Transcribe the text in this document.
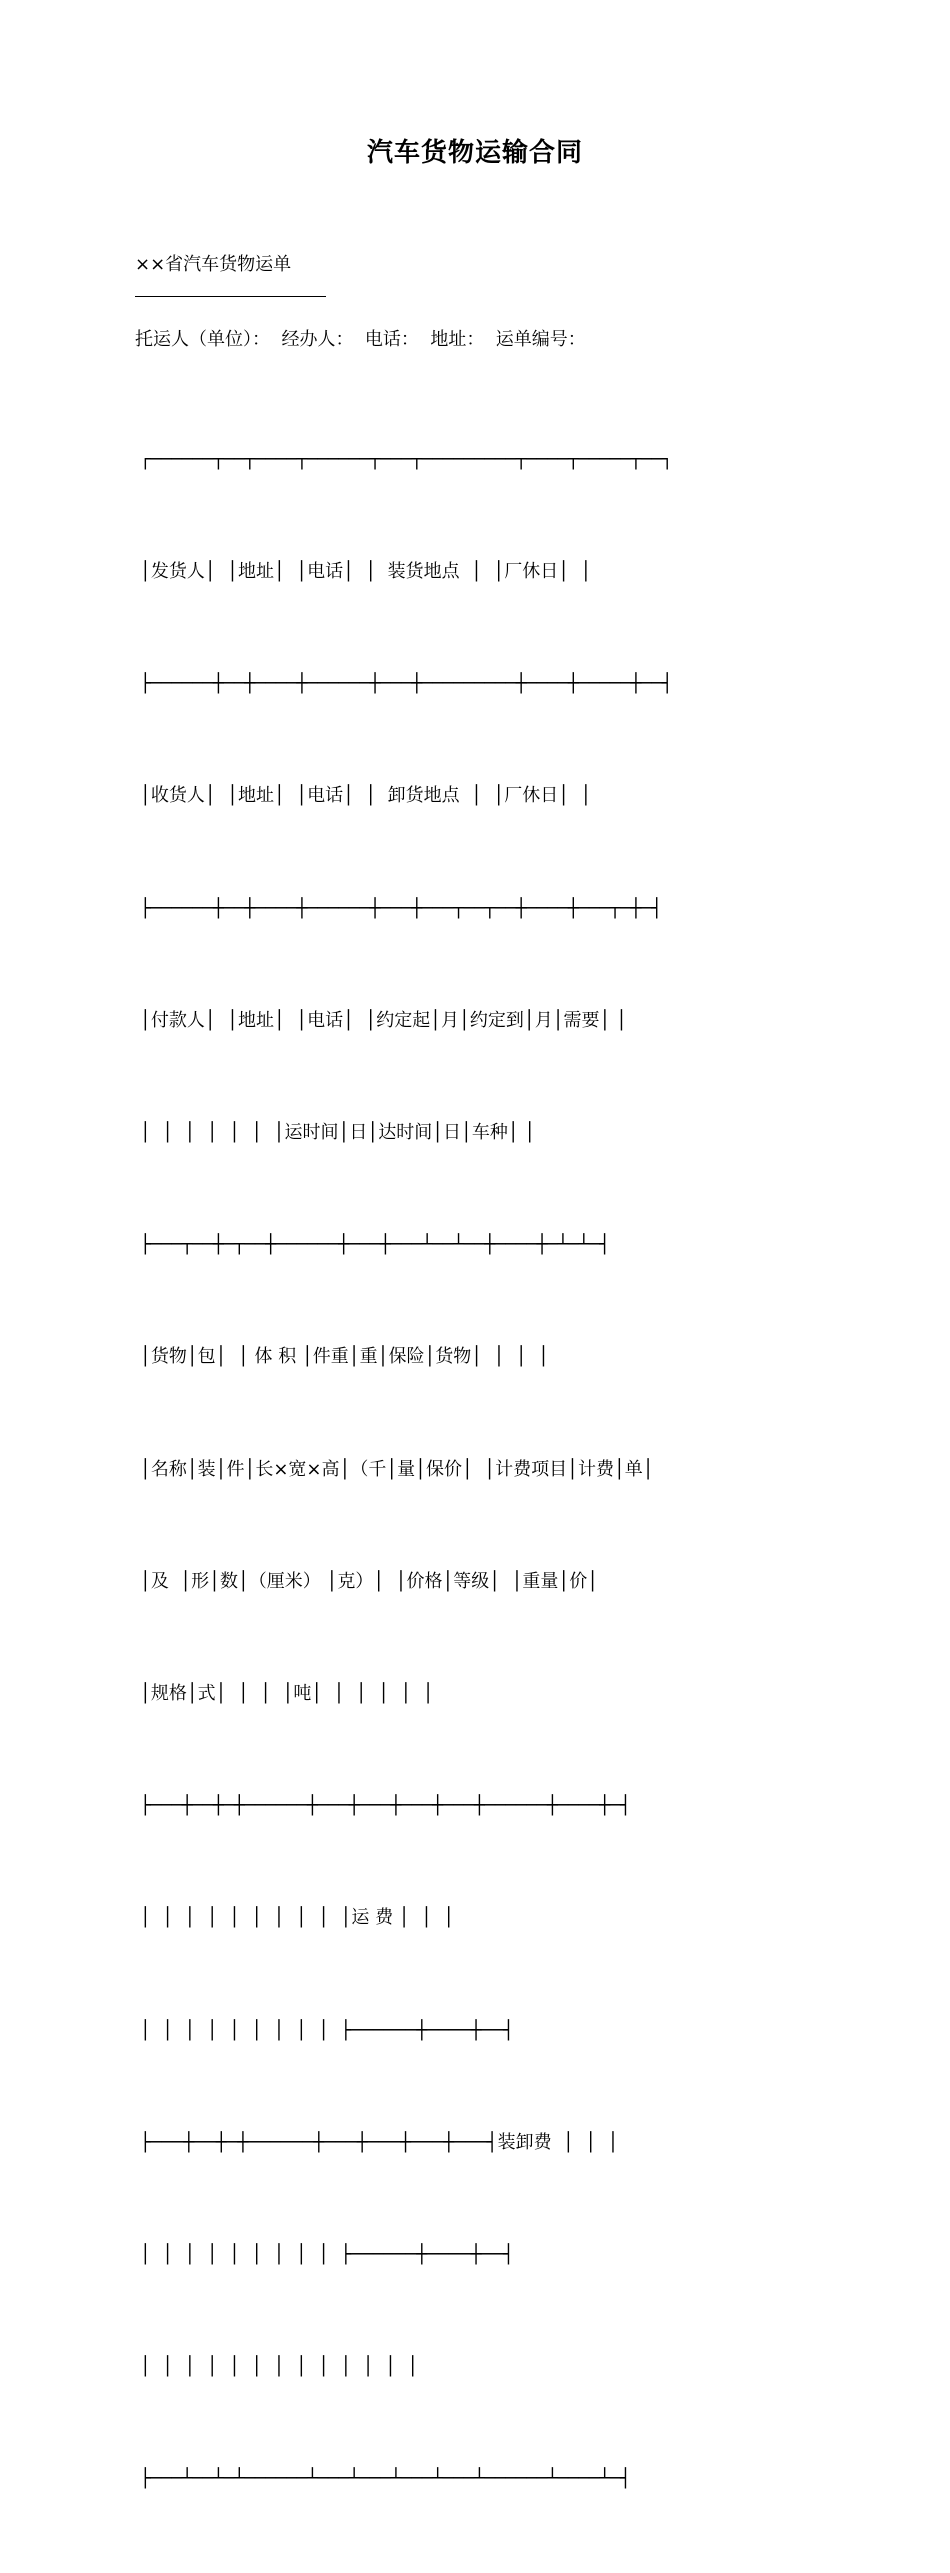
汽车货物运输合同
××省汽车货物运单
托运人（单位）：  经办人：  电话：  地址：  运单编号：

┌──────┬──┬────┬──────┬───┬─────────┬────┬─────┬──┐

│发货人│  │地址│  │电话│  │  装货地点  │  │厂休日│  │

├──────┼──┼────┼──────┼───┼─────────┼────┼─────┼──┤

│收货人│  │地址│  │电话│  │  卸货地点  │  │厂休日│  │

├──────┼──┼────┼──────┼───┼───┬──┬──┼────┼───┬─┼─┤

│付款人│  │地址│  │电话│  │约定起│月│约定到│月│需要│ │

│  │  │  │  │  │  │运时间│日│达时间│日│车种│ │

├───┬──┼─┬──┼──────┼───┼───┴──┴──┼────┼─┴─┴─┤

│货物│包│  │ 体 积 │件重│重│保险│货物│  │  │  │

│名称│装│件│长×宽×高│（千│量│保价│  │计费项目│计费│单│

│及  │形│数│（厘米） │克）│  │价格│等级│  │重量│价│

│规格│式│  │  │  │吨│  │  │  │  │  │

├───┼──┼─┼──────┼───┼───┼───┼───┼──────┼────┼─┤

│  │  │  │  │  │  │  │  │  │运 费 │  │  │

│  │  │  │  │  │  │  │  │  ├──────┼────┼──┤

├───┼──┼─┼──────┼───┼───┼───┼───┤装卸费  │  │  │

│  │  │  │  │  │  │  │  │  ├──────┼────┼──┤

│  │  │  │  │  │  │  │  │  │  │  │  │

├───┴──┴─┴──────┴───┴───┴───┴───┴──────┴────┴─┤
